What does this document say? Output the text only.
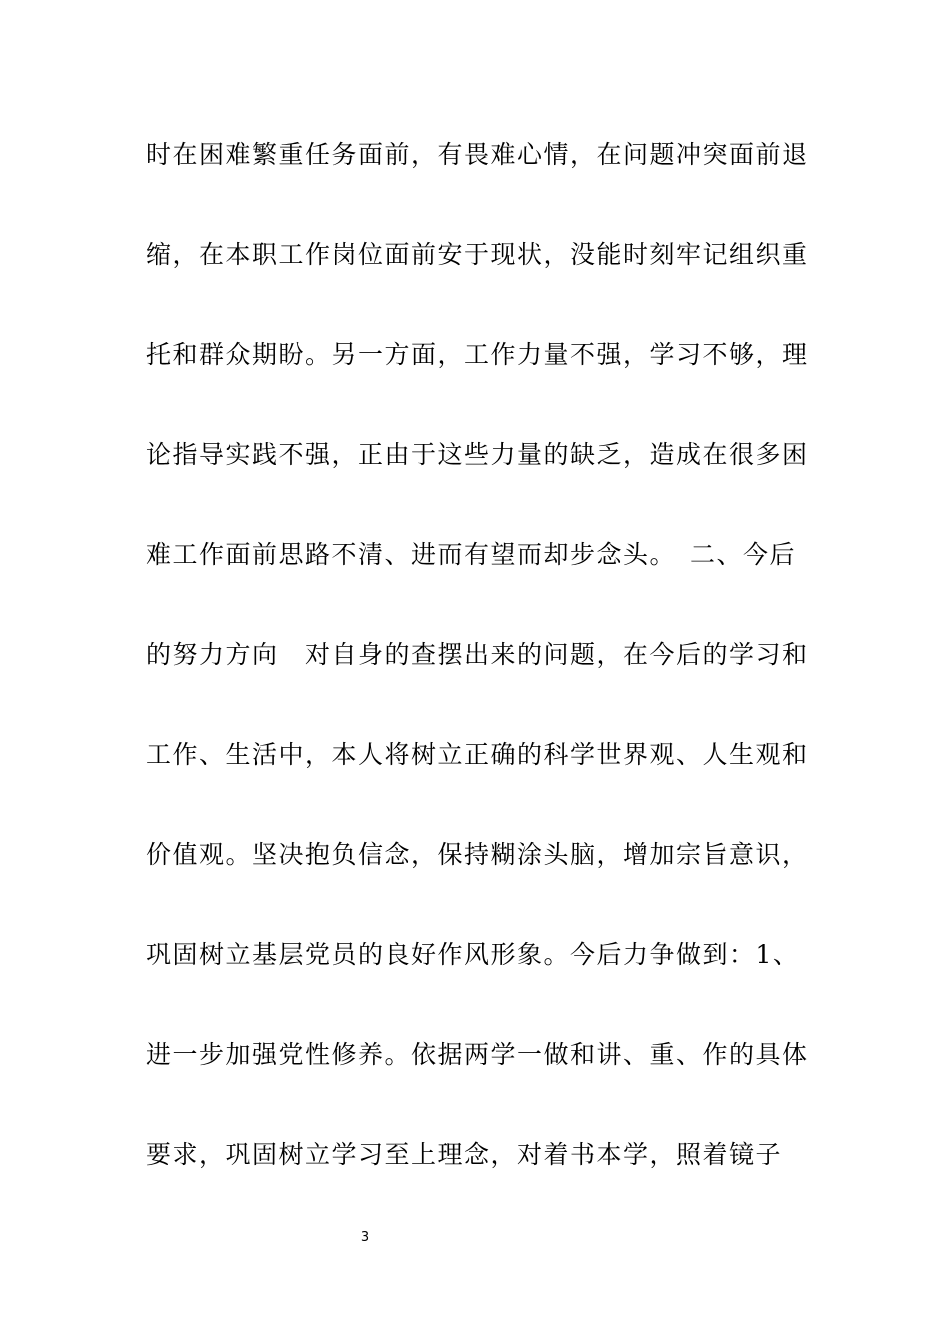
时在困难繁重任务面前，有畏难心情，在问题冲突面前退
缩，在本职工作岗位面前安于现状，没能时刻牢记组织重
托和群众期盼。另一方面，工作力量不强，学习不够，理
论指导实践不强，正由于这些力量的缺乏，造成在很多困
难工作面前思路不清、进而有望而却步念头。　二、今后
的努力方向　对自身的查摆出来的问题，在今后的学习和
工作、生活中，本人将树立正确的科学世界观、人生观和
价值观。坚决抱负信念，保持糊涂头脑，增加宗旨意识，
巩固树立基层党员的良好作风形象。今后力争做到：1、
进一步加强党性修养。依据两学一做和讲、重、作的具体
要求，巩固树立学习至上理念，对着书本学，照着镜子
3
